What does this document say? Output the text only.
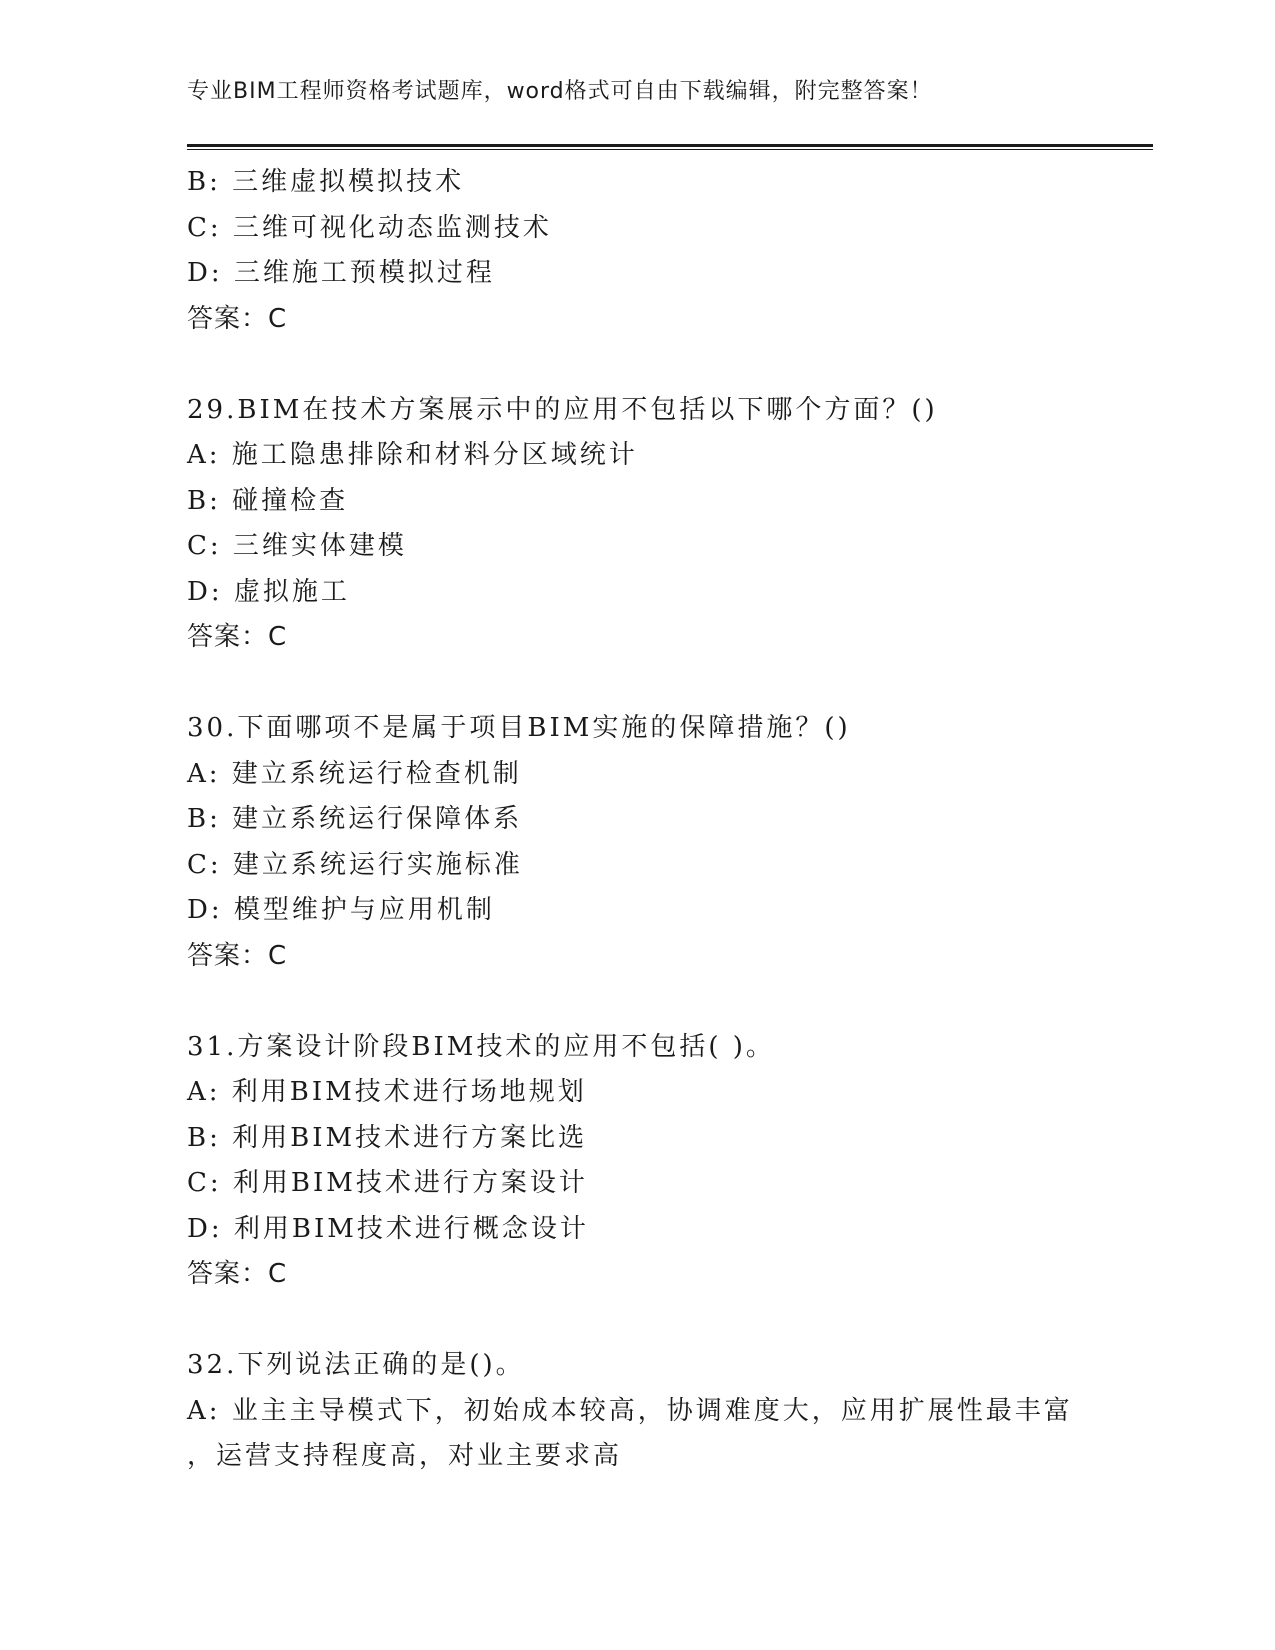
专业BIM工程师资格考试题库，word格式可自由下载编辑，附完整答案！
B: 三维虚拟模拟技术
C: 三维可视化动态监测技术
D: 三维施工预模拟过程
答案：C
29.BIM在技术方案展示中的应用不包括以下哪个方面？()
A: 施工隐患排除和材料分区域统计
B: 碰撞检查
C: 三维实体建模
D: 虚拟施工
答案：C
30.下面哪项不是属于项目BIM实施的保障措施？()
A: 建立系统运行检查机制
B: 建立系统运行保障体系
C: 建立系统运行实施标准
D: 模型维护与应用机制
答案：C
31.方案设计阶段BIM技术的应用不包括( )。
A: 利用BIM技术进行场地规划
B: 利用BIM技术进行方案比选
C: 利用BIM技术进行方案设计
D: 利用BIM技术进行概念设计
答案：C
32.下列说法正确的是()。
A: 业主主导模式下，初始成本较高，协调难度大，应用扩展性最丰富
，运营支持程度高，对业主要求高
